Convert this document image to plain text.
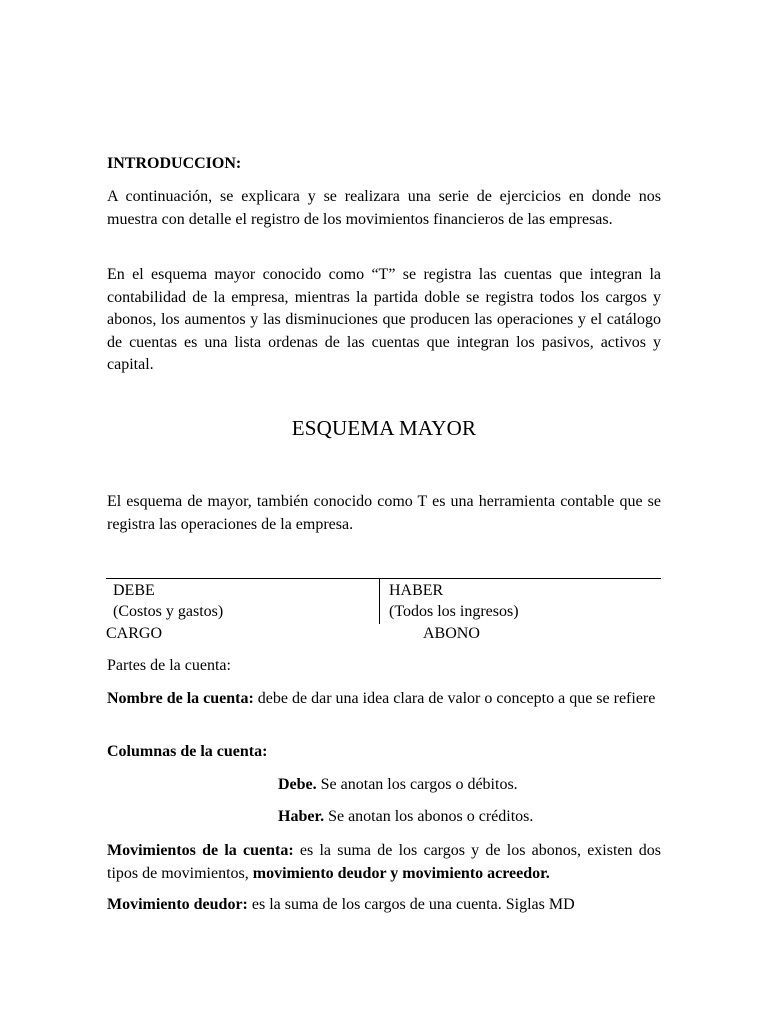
INTRODUCCION:

A continuación, se explicara y se realizara una serie de ejercicios en donde nos muestra con detalle el registro de los movimientos financieros de las empresas.

En el esquema mayor conocido como “T” se registra las cuentas que integran la contabilidad de la empresa, mientras la partida doble se registra todos los cargos y abonos, los aumentos y las disminuciones que producen las operaciones y el catálogo de cuentas es una lista ordenas de las cuentas que integran los pasivos, activos y capital.

ESQUEMA MAYOR

El esquema de mayor, también conocido como T es una herramienta contable que se registra las operaciones de la empresa.

DEBE
(Costos y gastos)
CARGO
HABER
(Todos los ingresos)
ABONO

Partes de la cuenta:

Nombre de la cuenta: debe de dar una idea clara de valor o concepto a que se refiere

Columnas de la cuenta:

Debe. Se anotan los cargos o débitos.

Haber. Se anotan los abonos o créditos.

Movimientos de la cuenta: es la suma de los cargos y de los abonos, existen dos tipos de movimientos, movimiento deudor y movimiento acreedor.

Movimiento deudor: es la suma de los cargos de una cuenta. Siglas MD
